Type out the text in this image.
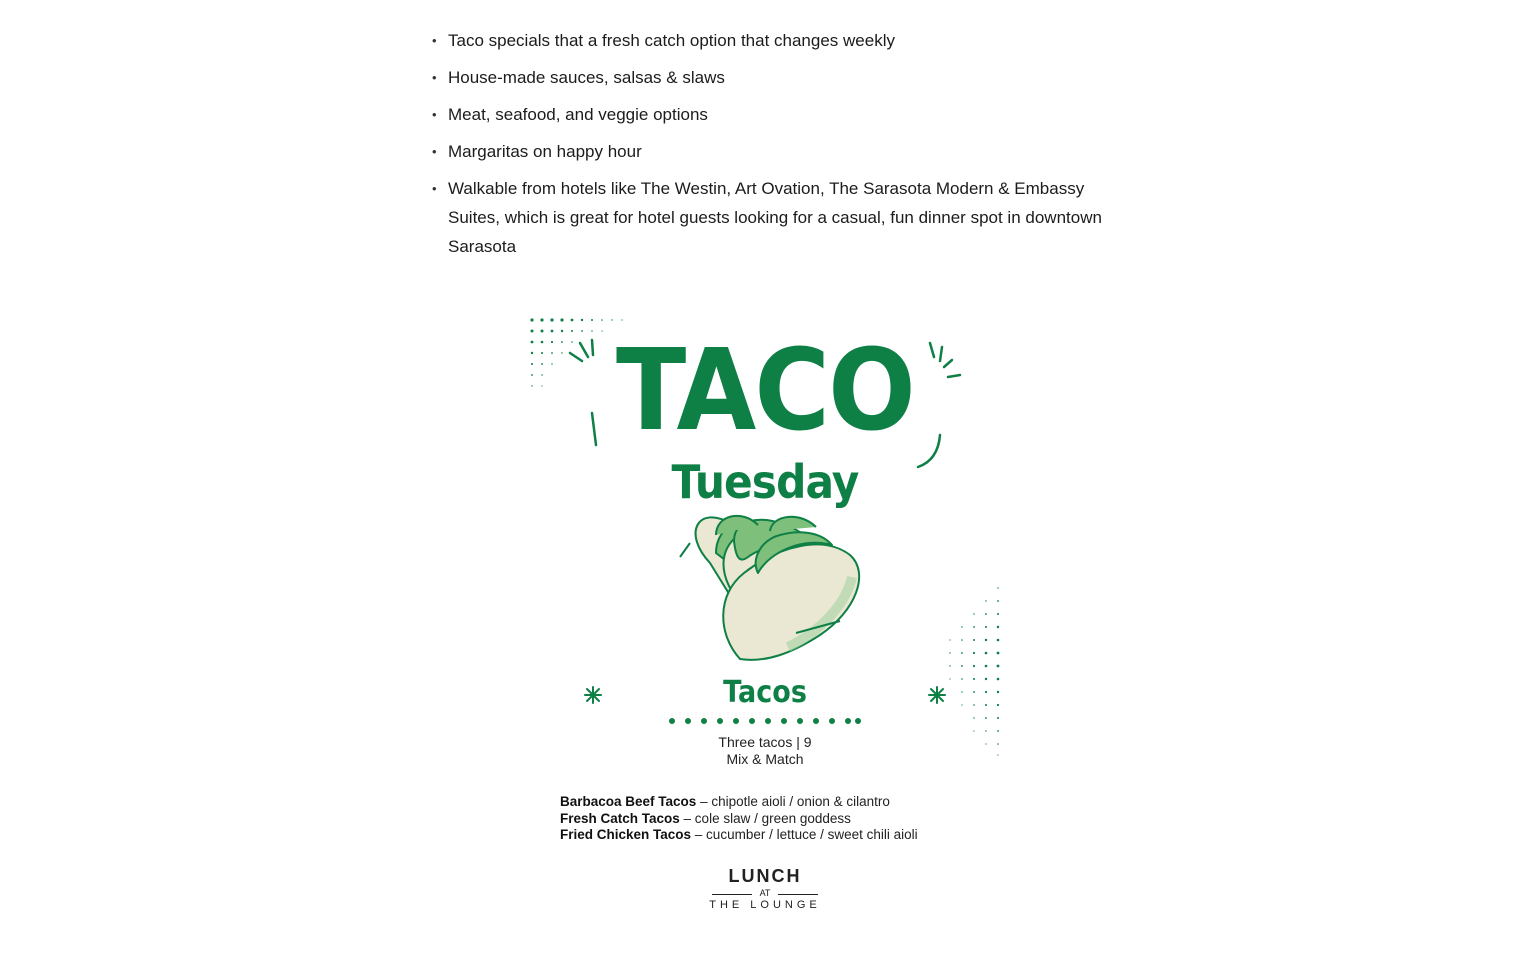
• Taco specials that a fresh catch option that changes weekly
• House-made sauces, salsas & slaws
• Meat, seafood, and veggie options
• Margaritas on happy hour
• Walkable from hotels like The Westin, Art Ovation, The Sarasota Modern & Embassy Suites, which is great for hotel guests looking for a casual, fun dinner spot in downtown Sarasota
TACO
Tuesday
Tacos
Three tacos | 9
Mix & Match
Barbacoa Beef Tacos – chipotle aioli / onion & cilantro
Fresh Catch Tacos – cole slaw / green goddess
Fried Chicken Tacos – cucumber / lettuce / sweet chili aioli
LUNCH
AT
THE LOUNGE
